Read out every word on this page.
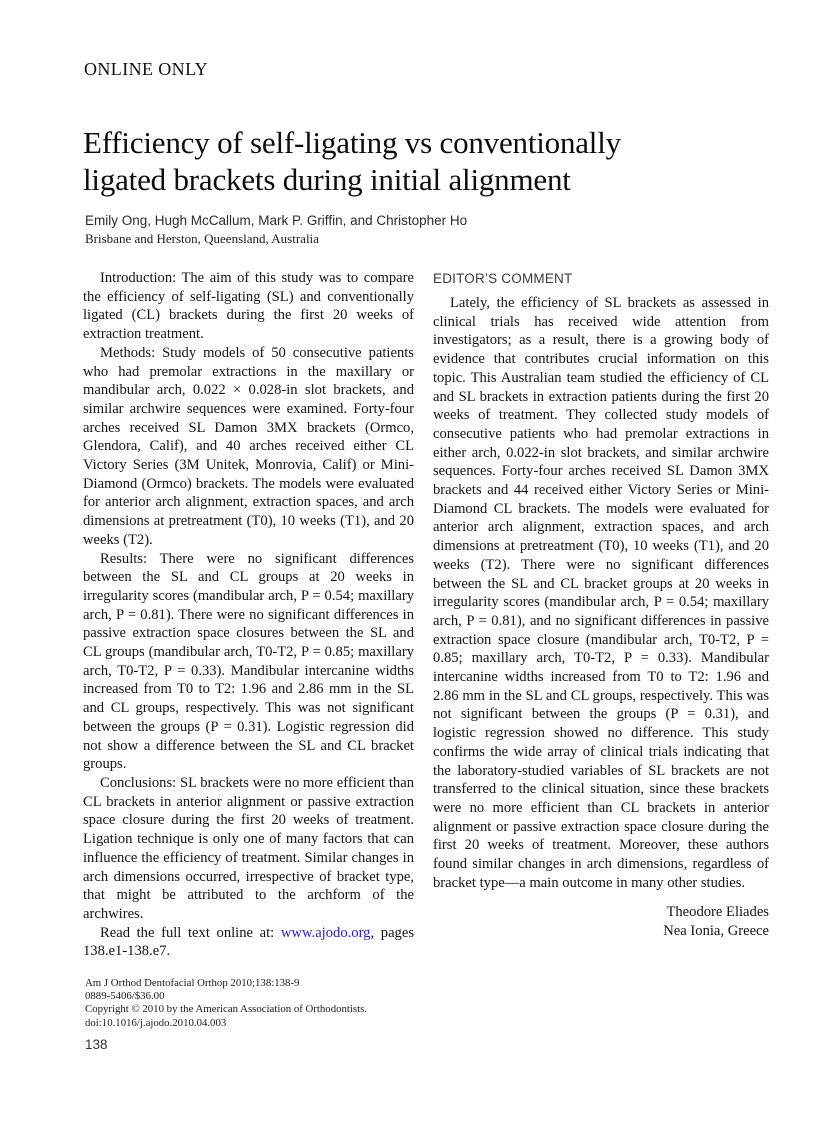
ONLINE ONLY
Efficiency of self-ligating vs conventionally
ligated brackets during initial alignment
Emily Ong, Hugh McCallum, Mark P. Griffin, and Christopher Ho
Brisbane and Herston, Queensland, Australia

Introduction: The aim of this study was to compare the efficiency of self-ligating (SL) and conventionally ligated (CL) brackets during the first 20 weeks of extraction treatment.

Methods: Study models of 50 consecutive patients who had premolar extractions in the maxillary or mandibular arch, 0.022 × 0.028-in slot brackets, and similar archwire sequences were examined. Forty-four arches received SL Damon 3MX brackets (Ormco, Glendora, Calif), and 40 arches received either CL Victory Series (3M Unitek, Monrovia, Calif) or Mini-Diamond (Ormco) brackets. The models were evaluated for anterior arch alignment, extraction spaces, and arch dimensions at pretreatment (T0), 10 weeks (T1), and 20 weeks (T2).

Results: There were no significant differences between the SL and CL groups at 20 weeks in irregularity scores (mandibular arch, P = 0.54; maxillary arch, P = 0.81). There were no significant differences in passive extraction space closures between the SL and CL groups (mandibular arch, T0-T2, P = 0.85; maxillary arch, T0-T2, P = 0.33). Mandibular intercanine widths increased from T0 to T2: 1.96 and 2.86 mm in the SL and CL groups, respectively. This was not significant between the groups (P = 0.31). Logistic regression did not show a difference between the SL and CL bracket groups.

Conclusions: SL brackets were no more efficient than CL brackets in anterior alignment or passive extraction space closure during the first 20 weeks of treatment. Ligation technique is only one of many factors that can influence the efficiency of treatment. Similar changes in arch dimensions occurred, irrespective of bracket type, that might be attributed to the archform of the archwires.

Read the full text online at: www.ajodo.org, pages 138.e1-138.e7.

EDITOR’S COMMENT

Lately, the efficiency of SL brackets as assessed in clinical trials has received wide attention from investigators; as a result, there is a growing body of evidence that contributes crucial information on this topic. This Australian team studied the efficiency of CL and SL brackets in extraction patients during the first 20 weeks of treatment. They collected study models of consecutive patients who had premolar extractions in either arch, 0.022-in slot brackets, and similar archwire sequences. Forty-four arches received SL Damon 3MX brackets and 44 received either Victory Series or Mini-Diamond CL brackets. The models were evaluated for anterior arch alignment, extraction spaces, and arch dimensions at pretreatment (T0), 10 weeks (T1), and 20 weeks (T2). There were no significant differences between the SL and CL bracket groups at 20 weeks in irregularity scores (mandibular arch, P = 0.54; maxillary arch, P = 0.81), and no significant differences in passive extraction space closure (mandibular arch, T0-T2, P = 0.85; maxillary arch, T0-T2, P = 0.33). Mandibular intercanine widths increased from T0 to T2: 1.96 and 2.86 mm in the SL and CL groups, respectively. This was not significant between the groups (P = 0.31), and logistic regression showed no difference. This study confirms the wide array of clinical trials indicating that the laboratory-studied variables of SL brackets are not transferred to the clinical situation, since these brackets were no more efficient than CL brackets in anterior alignment or passive extraction space closure during the first 20 weeks of treatment. Moreover, these authors found similar changes in arch dimensions, regardless of bracket type—a main outcome in many other studies.

Theodore Eliades
Nea Ionia, Greece
Am J Orthod Dentofacial Orthop 2010;138:138-9
0889-5406/$36.00
Copyright © 2010 by the American Association of Orthodontists.
doi:10.1016/j.ajodo.2010.04.003
138
